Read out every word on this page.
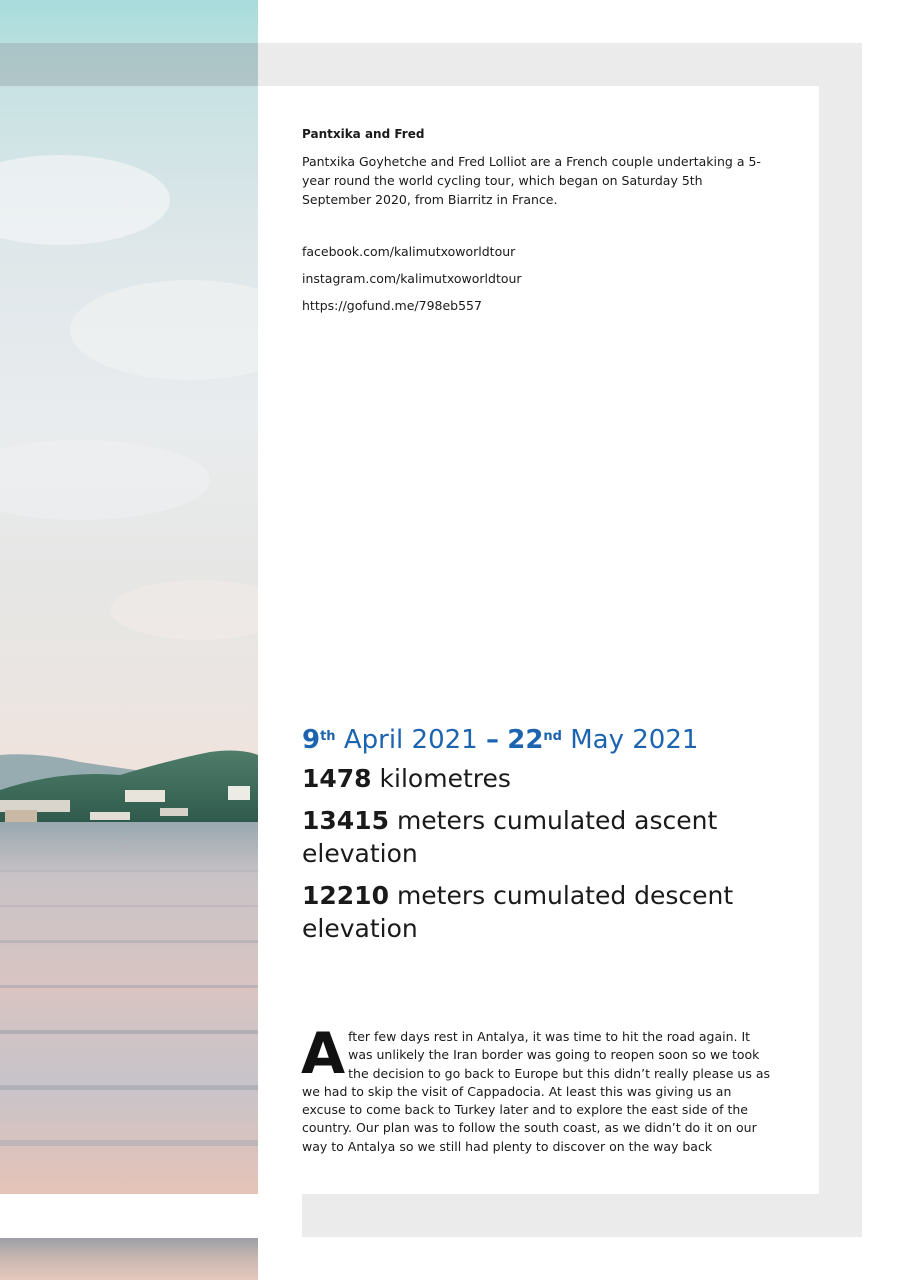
Pantxika and Fred

Pantxika Goyhetche and Fred Lolliot are a French couple undertaking a 5-year round the world cycling tour, which began on Saturday 5th September 2020, from Biarritz in France.

facebook.com/kalimutxoworldtour
instagram.com/kalimutxoworldtour
https://gofund.me/798eb557

9th April 2021 – 22nd May 2021

1478 kilometres

13415 meters cumulated ascent elevation

12210 meters cumulated descent elevation

A fter few days rest in Antalya, it was time to hit the road again. It was unlikely the Iran border was going to reopen soon so we took the decision to go back to Europe but this didn’t really please us as we had to skip the visit of Cappadocia. At least this was giving us an excuse to come back to Turkey later and to explore the east side of the country. Our plan was to follow the south coast, as we didn’t do it on our way to Antalya so we still had plenty to discover on the way back
